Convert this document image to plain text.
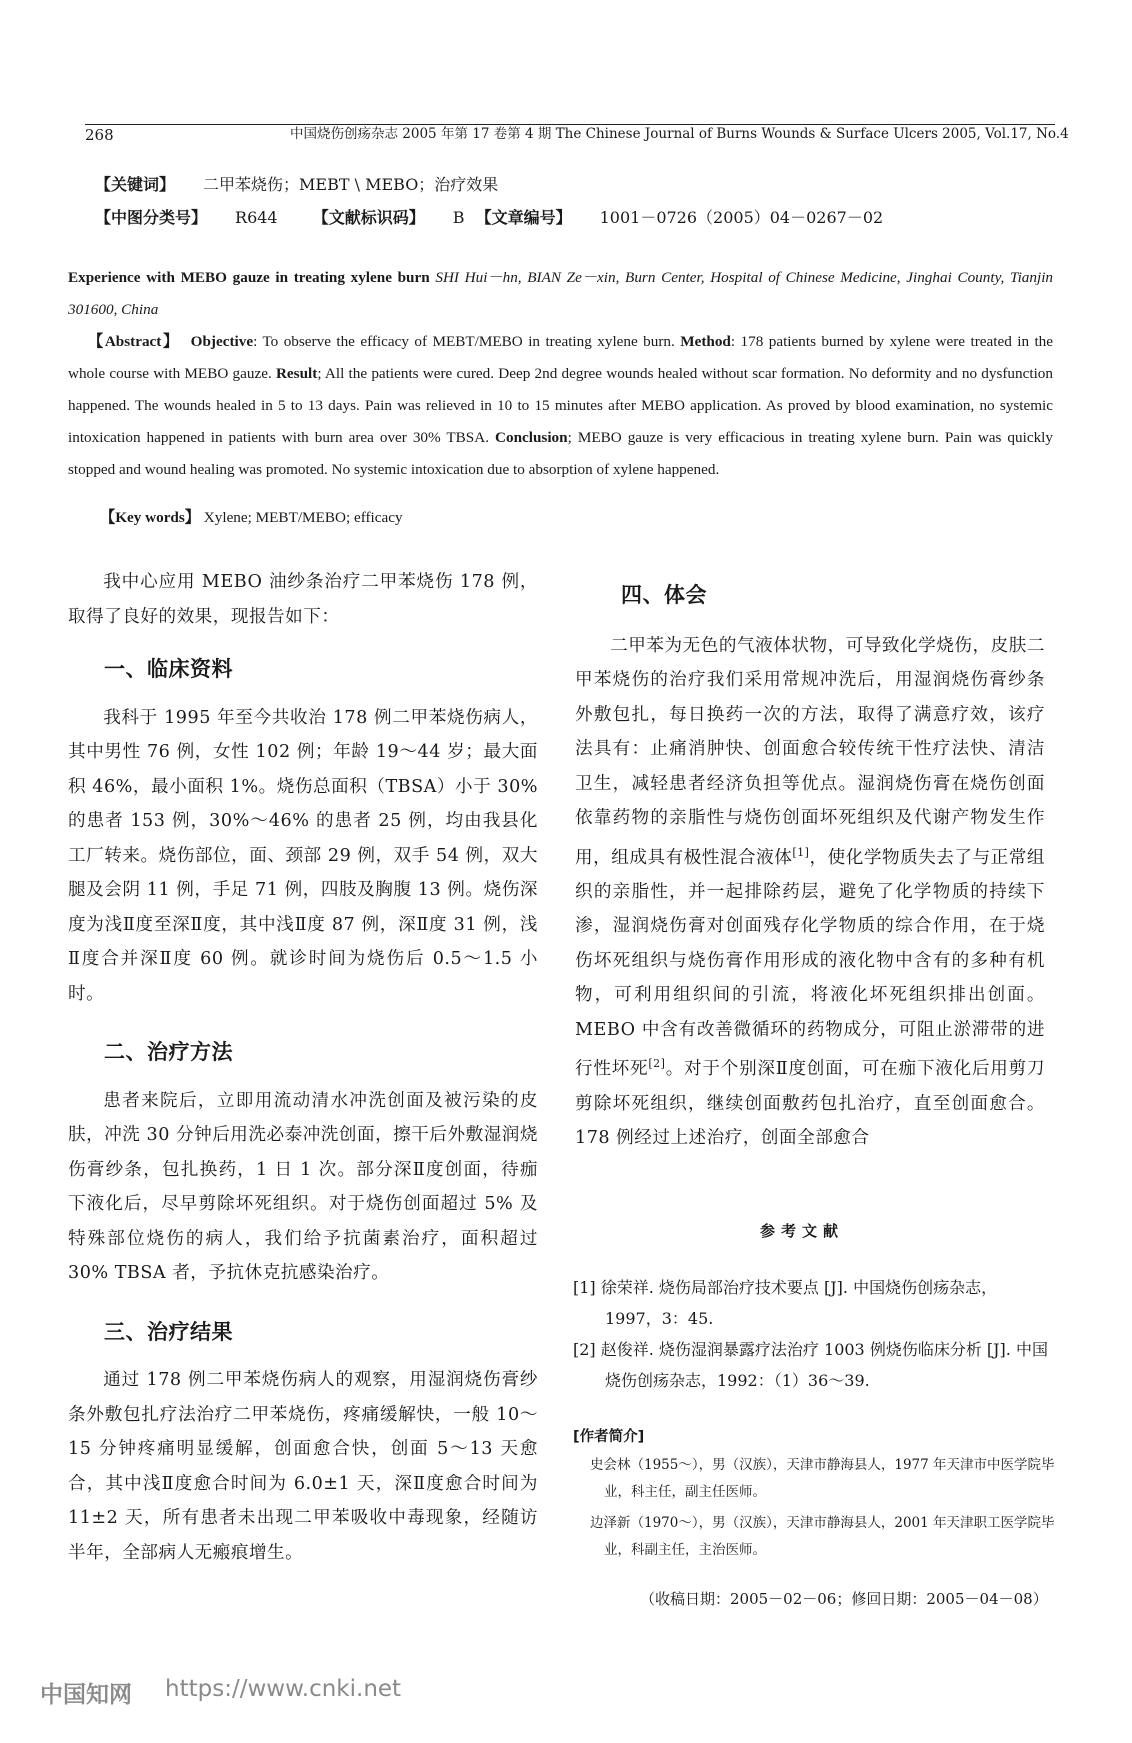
268	中国烧伤创疡杂志 2005 年第 17 卷第 4 期 The Chinese Journal of Burns Wounds & Surface Ulcers 2005, Vol.17, No.4
【关键词】 二甲苯烧伤；MEBT \ MEBO；治疗效果
【中图分类号】 R644 【文献标识码】 B 【文章编号】 1001－0726（2005）04－0267－02
Experience with MEBO gauze in treating xylene burn SHI Hui－hn, BIAN Ze－xin, Burn Center, Hospital of Chinese Medicine, Jinghai County, Tianjin 301600, China
【Abstract】 Objective: To observe the efficacy of MEBT/MEBO in treating xylene burn. Method: 178 patients burned by xylene were treated in the whole course with MEBO gauze. Result; All the patients were cured. Deep 2nd degree wounds healed without scar formation. No deformity and no dysfunction happened. The wounds healed in 5 to 13 days. Pain was relieved in 10 to 15 minutes after MEBO application. As proved by blood examination, no systemic intoxication happened in patients with burn area over 30% TBSA. Conclusion; MEBO gauze is very efficacious in treating xylene burn. Pain was quickly stopped and wound healing was promoted. No systemic intoxication due to absorption of xylene happened.
【Key words】 Xylene; MEBT/MEBO; efficacy

我中心应用 MEBO 油纱条治疗二甲苯烧伤 178 例，取得了良好的效果，现报告如下：

一、临床资料

我科于 1995 年至今共收治 178 例二甲苯烧伤病人，其中男性 76 例，女性 102 例；年龄 19～44 岁；最大面积 46%，最小面积 1%。烧伤总面积（TBSA）小于 30% 的患者 153 例，30%～46% 的患者 25 例，均由我县化工厂转来。烧伤部位，面、颈部 29 例，双手 54 例，双大腿及会阴 11 例，手足 71 例，四肢及胸腹 13 例。烧伤深度为浅Ⅱ度至深Ⅱ度，其中浅Ⅱ度 87 例，深Ⅱ度 31 例，浅Ⅱ度合并深Ⅱ度 60 例。就诊时间为烧伤后 0.5～1.5 小时。

二、治疗方法

患者来院后，立即用流动清水冲洗创面及被污染的皮肤，冲洗 30 分钟后用洗必泰冲洗创面，擦干后外敷湿润烧伤膏纱条，包扎换药，1 日 1 次。部分深Ⅱ度创面，待痂下液化后，尽早剪除坏死组织。对于烧伤创面超过 5% 及特殊部位烧伤的病人，我们给予抗菌素治疗，面积超过 30% TBSA 者，予抗休克抗感染治疗。

三、治疗结果

通过 178 例二甲苯烧伤病人的观察，用湿润烧伤膏纱条外敷包扎疗法治疗二甲苯烧伤，疼痛缓解快，一般 10～15 分钟疼痛明显缓解，创面愈合快，创面 5～13 天愈合，其中浅Ⅱ度愈合时间为 6.0±1 天，深Ⅱ度愈合时间为 11±2 天，所有患者未出现二甲苯吸收中毒现象，经随访半年，全部病人无瘢痕增生。

四、体会

二甲苯为无色的气液体状物，可导致化学烧伤，皮肤二甲苯烧伤的治疗我们采用常规冲洗后，用湿润烧伤膏纱条外敷包扎，每日换药一次的方法，取得了满意疗效，该疗法具有：止痛消肿快、创面愈合较传统干性疗法快、清洁卫生，减轻患者经济负担等优点。湿润烧伤膏在烧伤创面依靠药物的亲脂性与烧伤创面坏死组织及代谢产物发生作用，组成具有极性混合液体[1]，使化学物质失去了与正常组织的亲脂性，并一起排除药层，避免了化学物质的持续下渗，湿润烧伤膏对创面残存化学物质的综合作用，在于烧伤坏死组织与烧伤膏作用形成的液化物中含有的多种有机物，可利用组织间的引流，将液化坏死组织排出创面。MEBO 中含有改善微循环的药物成分，可阻止淤滞带的进行性坏死[2]。对于个别深Ⅱ度创面，可在痂下液化后用剪刀剪除坏死组织，继续创面敷药包扎治疗，直至创面愈合。178 例经过上述治疗，创面全部愈合

参考文献
[1] 徐荣祥. 烧伤局部治疗技术要点 [J]. 中国烧伤创疡杂志，1997，3：45.
[2] 赵俊祥. 烧伤湿润暴露疗法治疗 1003 例烧伤临床分析 [J]. 中国烧伤创疡杂志，1992：（1）36～39.
[作者简介]
史会林（1955～），男（汉族），天津市静海县人，1977 年天津市中医学院毕业，科主任，副主任医师。
边泽新（1970～），男（汉族），天津市静海县人，2001 年天津职工医学院毕业，科副主任，主治医师。
（收稿日期：2005－02－06；修回日期：2005－04－08）
中国知网 https://www.cnki.net
